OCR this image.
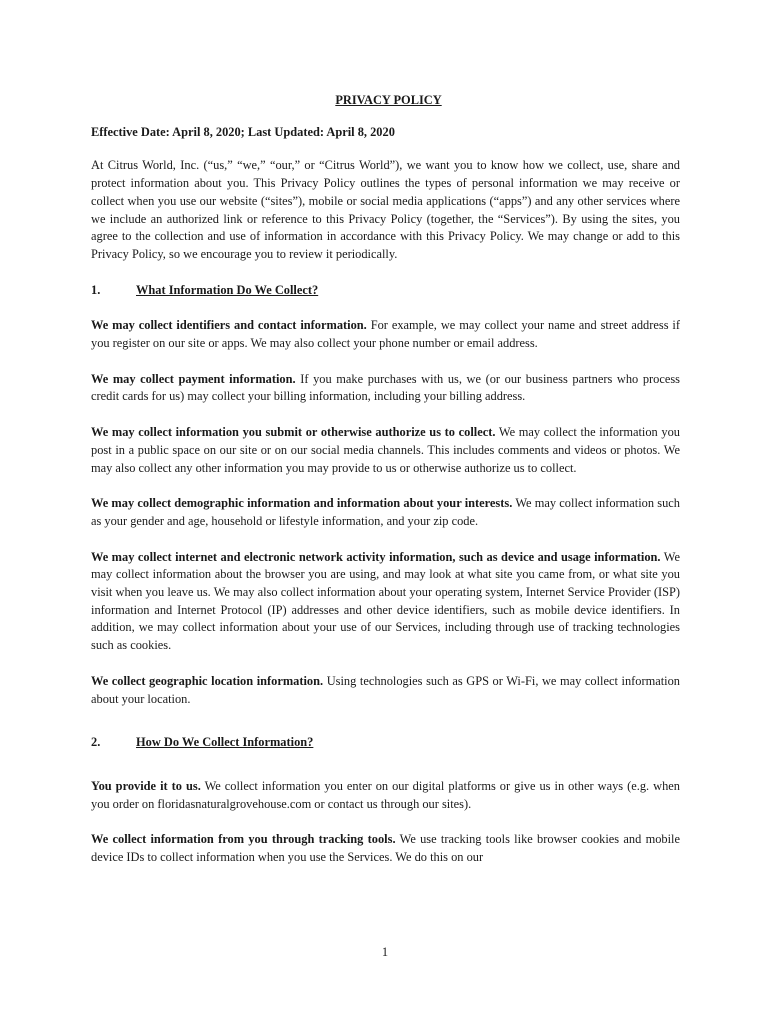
PRIVACY POLICY
Effective Date: April 8, 2020; Last Updated: April 8, 2020

At Citrus World, Inc. (“us,” “we,” “our,” or “Citrus World”), we want you to know how we collect, use, share and protect information about you. This Privacy Policy outlines the types of personal information we may receive or collect when you use our website (“sites”), mobile or social media applications (“apps”) and any other services where we include an authorized link or reference to this Privacy Policy (together, the “Services”). By using the sites, you agree to the collection and use of information in accordance with this Privacy Policy. We may change or add to this Privacy Policy, so we encourage you to review it periodically.

1.	What Information Do We Collect?

We may collect identifiers and contact information. For example, we may collect your name and street address if you register on our site or apps. We may also collect your phone number or email address.

We may collect payment information. If you make purchases with us, we (or our business partners who process credit cards for us) may collect your billing information, including your billing address.

We may collect information you submit or otherwise authorize us to collect. We may collect the information you post in a public space on our site or on our social media channels. This includes comments and videos or photos. We may also collect any other information you may provide to us or otherwise authorize us to collect.

We may collect demographic information and information about your interests. We may collect information such as your gender and age, household or lifestyle information, and your zip code.

We may collect internet and electronic network activity information, such as device and usage information. We may collect information about the browser you are using, and may look at what site you came from, or what site you visit when you leave us. We may also collect information about your operating system, Internet Service Provider (ISP) information and Internet Protocol (IP) addresses and other device identifiers, such as mobile device identifiers. In addition, we may collect information about your use of our Services, including through use of tracking technologies such as cookies.

We collect geographic location information. Using technologies such as GPS or Wi-Fi, we may collect information about your location.

2.	How Do We Collect Information?

You provide it to us. We collect information you enter on our digital platforms or give us in other ways (e.g. when you order on floridasnaturalgrovehouse.com or contact us through our sites).

We collect information from you through tracking tools. We use tracking tools like browser cookies and mobile device IDs to collect information when you use the Services. We do this on our

1
